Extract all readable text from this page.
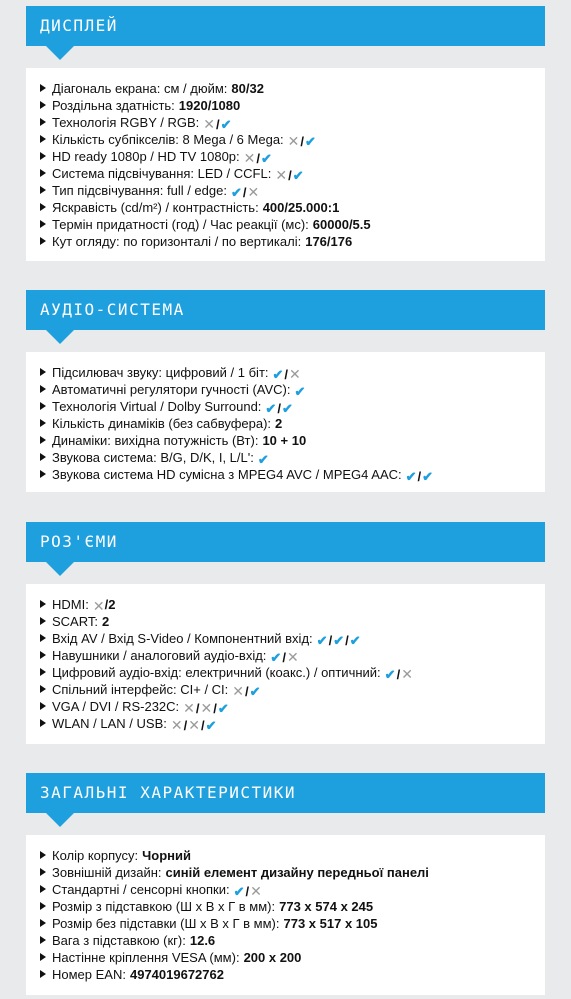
ДИСПЛЕЙ
Діагональ екрана: см / дюйм: 80/32
Роздільна здатність: 1920/1080
Технологія RGBY / RGB: ✕/✔
Кількість субпікселів: 8 Mega / 6 Mega: ✕/✔
HD ready 1080p / HD TV 1080p: ✕/✔
Система підсвічування: LED / CCFL: ✕/✔
Тип підсвічування: full / edge: ✔/✕
Яскравість (cd/m²) / контрастність: 400/25.000:1
Термін придатності (год) / Час реакції (мс): 60000/5.5
Кут огляду: по горизонталі / по вертикалі: 176/176
АУДІО-СИСТЕМА
Підсилювач звуку: цифровий / 1 біт: ✔/✕
Автоматичні регулятори гучності (AVC): ✔
Технологія Virtual / Dolby Surround: ✔/✔
Кількість динаміків (без сабвуфера): 2
Динаміки: вихідна потужність (Вт): 10 + 10
Звукова система: B/G, D/K, I, L/L': ✔
Звукова система HD сумісна з MPEG4 AVC / MPEG4 AAC: ✔/✔
РОЗ'ЄМИ
HDMI: ✕/2
SCART: 2
Вхід AV / Вхід S-Video / Компонентний вхід: ✔/✔/✔
Навушники / аналоговий аудіо-вхід: ✔/✕
Цифровий аудіо-вхід: електричний (коакс.) / оптичний: ✔/✕
Спільний інтерфейс: CI+ / CI: ✕/✔
VGA / DVI / RS-232C: ✕/✕/✔
WLAN / LAN / USB: ✕/✕/✔
ЗАГАЛЬНІ ХАРАКТЕРИСТИКИ
Колір корпусу: Чорний
Зовнішній дизайн: синій елемент дизайну передньої панелі
Стандартні / сенсорні кнопки: ✔/✕
Розмір з підставкою (Ш x В x Г в мм): 773 x 574 x 245
Розмір без підставки (Ш x В x Г в мм): 773 x 517 x 105
Вага з підставкою (кг): 12.6
Настінне кріплення VESA (мм): 200 x 200
Номер EAN: 4974019672762
